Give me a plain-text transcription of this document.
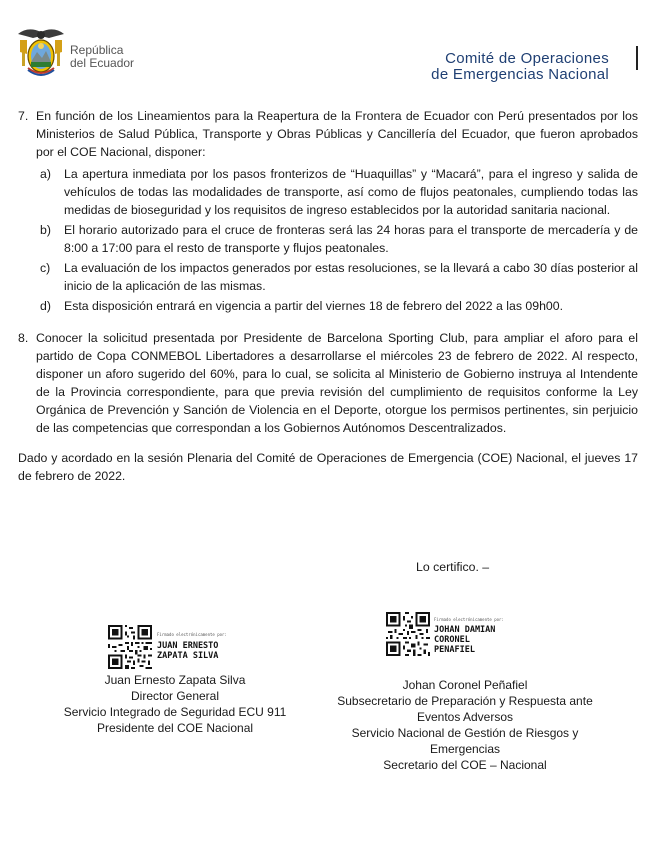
República
del Ecuador	Comité de Operaciones
de Emergencias Nacional
7. En función de los Lineamientos para la Reapertura de la Frontera de Ecuador con Perú presentados por los Ministerios de Salud Pública, Transporte y Obras Públicas y Cancillería del Ecuador, que fueron aprobados por el COE Nacional, disponer:
a)	La apertura inmediata por los pasos fronterizos de “Huaquillas” y “Macará”, para el ingreso y salida de vehículos de todas las modalidades de transporte, así como de flujos peatonales, cumpliendo todas las medidas de bioseguridad y los requisitos de ingreso establecidos por la autoridad sanitaria nacional.
b)	El horario autorizado para el cruce de fronteras será las 24 horas para el transporte de mercadería y de 8:00 a 17:00 para el resto de transporte y flujos peatonales.
c)	La evaluación de los impactos generados por estas resoluciones, se la llevará a cabo 30 días posterior al inicio de la aplicación de las mismas.
d)	Esta disposición entrará en vigencia a partir del viernes 18 de febrero del 2022 a las 09h00.
8. Conocer la solicitud presentada por Presidente de Barcelona Sporting Club, para ampliar el aforo para el partido de Copa CONMEBOL Libertadores a desarrollarse el miércoles 23 de febrero de 2022. Al respecto, disponer un aforo sugerido del 60%, para lo cual, se solicita al Ministerio de Gobierno instruya al Intendente de la Provincia correspondiente, para que previa revisión del cumplimiento de requisitos conforme la Ley Orgánica de Prevención y Sanción de Violencia en el Deporte, otorgue los permisos pertinentes, sin perjuicio de las competencias que correspondan a los Gobiernos Autónomos Descentralizados.
Dado y acordado en la sesión Plenaria del Comité de Operaciones de Emergencia (COE) Nacional, el jueves 17 de febrero de 2022.
Lo certifico. –
Firmado electrónicamente por:
JUAN ERNESTO
ZAPATA SILVA
Juan Ernesto Zapata Silva
Director General
Servicio Integrado de Seguridad ECU 911
Presidente del COE Nacional
Firmado electrónicamente por:
JOHAN DAMIAN
CORONEL
PENAFIEL
Johan Coronel Peñafiel
Subsecretario de Preparación y Respuesta ante
Eventos Adversos
Servicio Nacional de Gestión de Riesgos y
Emergencias
Secretario del COE – Nacional
